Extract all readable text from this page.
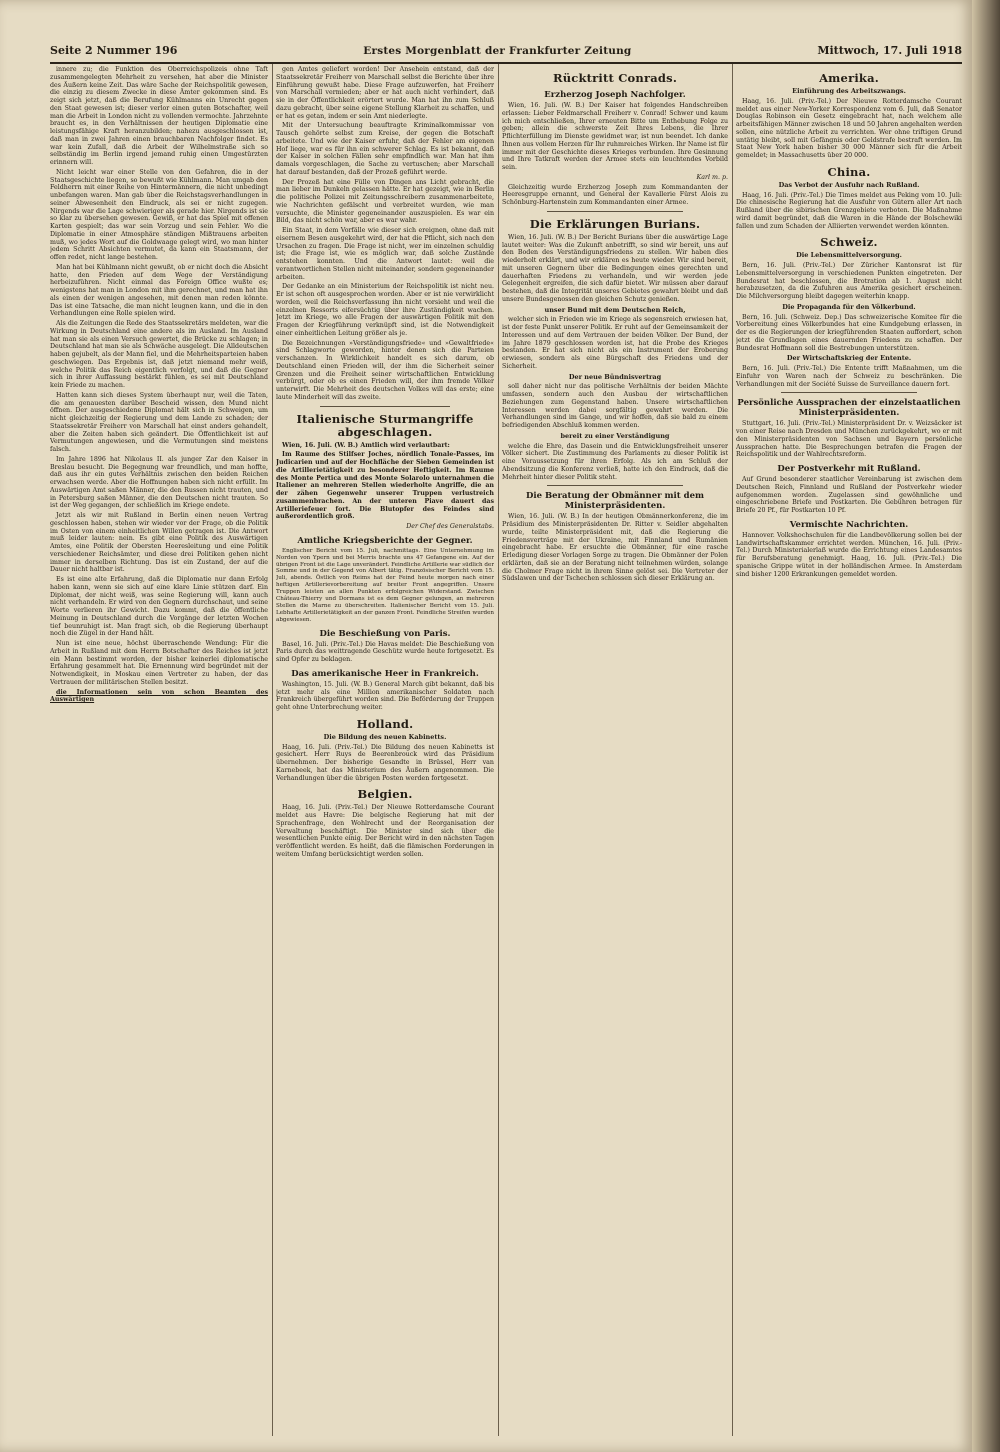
Seite 2 Nummer 196	Erstes Morgenblatt der Frankfurter Zeitung	Mittwoch, 17. Juli 1918

innere zu; die Funktion des Oberreichspolizeis ohne Taft zusammengelegten Mehrheit zu versehen, hat aber die Minister des Äußern keine Zeit. Das wäre Sache der Reichspolitik gewesen, die einzig zu diesem Zwecke in diese Ämter gekommen sind. Es zeigt sich jetzt, daß die Berufung Kühlmanns ein Unrecht gegen den Staat gewesen ist; dieser verlor einen guten Botschafter, weil man die Arbeit in London nicht zu vollenden vermochte. Jahrzehnte braucht es, in den Verhältnissen der heutigen Diplomatie eine leistungsfähige Kraft heranzubilden; nahezu ausgeschlossen ist, daß man in zwei Jahren einen brauchbaren Nachfolger findet. Es war kein Zufall, daß die Arbeit der Wilhelmstraße sich so selbständig im Berlin irgend jemand ruhig einen Umgestürzten erinnern will.

Nicht leicht war einer Stelle von den Gefahren, die in der Staatsgeschichte liegen, so bewußt wie Kühlmann. Man umgab den Feldherrn mit einer Reihe von Hintermännern, die nicht unbedingt unbefangen waren. Man gab über die Reichstagsverhandlungen in seiner Abwesenheit den Eindruck, als sei er nicht zugegen. Nirgends war die Lage schwieriger als gerade hier. Nirgends ist sie so klar zu übersehen gewesen. Gewiß, er hat das Spiel mit offenen Karten gespielt; das war sein Vorzug und sein Fehler. Wo die Diplomatie in einer Atmosphäre ständigen Mißtrauens arbeiten muß, wo jedes Wort auf die Goldwaage gelegt wird, wo man hinter jedem Schritt Absichten vermutet, da kann ein Staatsmann, der offen redet, nicht lange bestehen.

Man hat bei Kühlmann nicht gewußt, ob er nicht doch die Absicht hatte, den Frieden auf dem Wege der Verständigung herbeizuführen. Nicht einmal das Foreign Office wußte es; wenigstens hat man in London mit ihm gerechnet, und man hat ihn als einen der wenigen angesehen, mit denen man reden könnte. Das ist eine Tatsache, die man nicht leugnen kann, und die in den Verhandlungen eine Rolle spielen wird.

Als die Zeitungen die Rede des Staatssekretärs meldeten, war die Wirkung in Deutschland eine andere als im Ausland. Im Ausland hat man sie als einen Versuch gewertet, die Brücke zu schlagen; in Deutschland hat man sie als Schwäche ausgelegt. Die Alldeutschen haben gejubelt, als der Mann fiel, und die Mehrheitsparteien haben geschwiegen. Das Ergebnis ist, daß jetzt niemand mehr weiß, welche Politik das Reich eigentlich verfolgt, und daß die Gegner sich in ihrer Auffassung bestärkt fühlen, es sei mit Deutschland kein Friede zu machen.

Hatten kann sich dieses System überhaupt nur, weil die Taten, die am genauesten darüber Bescheid wissen, den Mund nicht öffnen. Der ausgeschiedene Diplomat hält sich in Schweigen, um nicht gleichzeitig der Regierung und dem Lande zu schaden; der Staatssekretär Freiherr von Marschall hat einst anders gehandelt, aber die Zeiten haben sich geändert. Die Öffentlichkeit ist auf Vermutungen angewiesen, und die Vermutungen sind meistens falsch.

Im Jahre 1896 hat Nikolaus II. als junger Zar den Kaiser in Breslau besucht. Die Begegnung war freundlich, und man hoffte, daß aus ihr ein gutes Verhältnis zwischen den beiden Reichen erwachsen werde. Aber die Hoffnungen haben sich nicht erfüllt. Im Auswärtigen Amt saßen Männer, die den Russen nicht trauten, und in Petersburg saßen Männer, die den Deutschen nicht trauten. So ist der Weg gegangen, der schließlich im Kriege endete.

Jetzt als wir mit Rußland in Berlin einen neuen Vertrag geschlossen haben, stehen wir wieder vor der Frage, ob die Politik im Osten von einem einheitlichen Willen getragen ist. Die Antwort muß leider lauten: nein. Es gibt eine Politik des Auswärtigen Amtes, eine Politik der Obersten Heeresleitung und eine Politik verschiedener Reichsämter, und diese drei Politiken gehen nicht immer in derselben Richtung. Das ist ein Zustand, der auf die Dauer nicht haltbar ist.

Es ist eine alte Erfahrung, daß die Diplomatie nur dann Erfolg haben kann, wenn sie sich auf eine klare Linie stützen darf. Ein Diplomat, der nicht weiß, was seine Regierung will, kann auch nicht verhandeln. Er wird von den Gegnern durchschaut, und seine Worte verlieren ihr Gewicht. Dazu kommt, daß die öffentliche Meinung in Deutschland durch die Vorgänge der letzten Wochen tief beunruhigt ist. Man fragt sich, ob die Regierung überhaupt noch die Zügel in der Hand hält.

Nun ist eine neue, höchst überraschende Wendung: Für die Arbeit in Rußland mit dem Herrn Botschafter des Reiches ist jetzt ein Mann bestimmt worden, der bisher keinerlei diplomatische Erfahrung gesammelt hat. Die Ernennung wird begründet mit der Notwendigkeit, in Moskau einen Vertreter zu haben, der das Vertrauen der militärischen Stellen besitzt.

die Informationen sein von schon Beamten des Auswärtigen

gen Amtes geliefert worden! Der Ansehein entstand, daß der Staatssekretär Freiherr von Marschall selbst die Berichte über ihre Einführung gewußt habe. Diese Frage aufzuwerfen, hat Freiherr von Marschall vermieden; aber er hat auch nicht verhindert, daß sie in der Öffentlichkeit erörtert wurde. Man hat ihn zum Schluß dazu gebracht, über seine eigene Stellung Klarheit zu schaffen, und er hat es getan, indem er sein Amt niederlegte.

Mit der Untersuchung beauftragte Kriminalkommissar von Tausch gehörte selbst zum Kreise, der gegen die Botschaft arbeitete. Und wie der Kaiser erfuhr, daß der Fehler am eigenen Hof liege, war es für ihn ein schwerer Schlag. Es ist bekannt, daß der Kaiser in solchen Fällen sehr empfindlich war. Man hat ihm damals vorgeschlagen, die Sache zu vertuschen; aber Marschall hat darauf bestanden, daß der Prozeß geführt werde.

Der Prozeß hat eine Fülle von Dingen ans Licht gebracht, die man lieber im Dunkeln gelassen hätte. Er hat gezeigt, wie in Berlin die politische Polizei mit Zeitungsschreibern zusammenarbeitete, wie Nachrichten gefälscht und verbreitet wurden, wie man versuchte, die Minister gegeneinander auszuspielen. Es war ein Bild, das nicht schön war, aber es war wahr.

Ein Staat, in dem Vorfälle wie dieser sich ereignen, ohne daß mit eisernem Besen ausgekehrt wird, der hat die Pflicht, sich nach den Ursachen zu fragen. Die Frage ist nicht, wer im einzelnen schuldig ist; die Frage ist, wie es möglich war, daß solche Zustände entstehen konnten. Und die Antwort lautet: weil die verantwortlichen Stellen nicht miteinander, sondern gegeneinander arbeiten.

Der Gedanke an ein Ministerium der Reichspolitik ist nicht neu. Er ist schon oft ausgesprochen worden. Aber er ist nie verwirklicht worden, weil die Reichsverfassung ihn nicht vorsieht und weil die einzelnen Ressorts eifersüchtig über ihre Zuständigkeit wachen. Jetzt im Kriege, wo alle Fragen der auswärtigen Politik mit den Fragen der Kriegführung verknüpft sind, ist die Notwendigkeit einer einheitlichen Leitung größer als je.

Die Bezeichnungen »Verständigungsfriede« und »Gewaltfriede« sind Schlagworte geworden, hinter denen sich die Parteien verschanzen. In Wirklichkeit handelt es sich darum, ob Deutschland einen Frieden will, der ihm die Sicherheit seiner Grenzen und die Freiheit seiner wirtschaftlichen Entwicklung verbürgt, oder ob es einen Frieden will, der ihm fremde Völker unterwirft. Die Mehrheit des deutschen Volkes will das erste; eine laute Minderheit will das zweite.

Italienische Sturmangriffe abgeschlagen.

Wien, 16. Juli. (W. B.) Amtlich wird verlautbart:

Im Raume des Stilfser Joches, nördlich Tonale-Passes, im Judicarien und auf der Hochfläche der Sieben Gemeinden ist die Artillerietätigkeit zu besonderer Heftigkeit. Im Raume des Monte Pertica und des Monte Solarolo unternahmen die Italiener an mehreren Stellen wiederholte Angriffe, die an der zähen Gegenwehr unserer Truppen verlustreich zusammenbrachen. An der unteren Piave dauert das Artilleriefeuer fort. Die Blutopfer des Feindes sind außerordentlich groß.

Der Chef des Generalstabs.

Amtliche Kriegsberichte der Gegner.

Englischer Bericht vom 15. Juli, nachmittags. Eine Unternehmung im Norden von Ypern und bei Merris brachte uns 47 Gefangene ein. Auf der übrigen Front ist die Lage unverändert. Feindliche Artillerie war südlich der Somme und in der Gegend von Albert tätig. Französischer Bericht vom 15. Juli, abends. Östlich von Reims hat der Feind heute morgen nach einer heftigen Artillerievorbereitung auf breiter Front angegriffen. Unsere Truppen leisten an allen Punkten erfolgreichen Widerstand. Zwischen Château-Thierry und Dormans ist es dem Gegner gelungen, an mehreren Stellen die Marne zu überschreiten. Italienischer Bericht vom 15. Juli. Lebhafte Artillerietätigkeit an der ganzen Front. Feindliche Streifen wurden abgewiesen.

Die Beschießung von Paris.

Basel, 16. Juli. (Priv.-Tel.) Die Havas meldet: Die Beschießung von Paris durch das weittragende Geschütz wurde heute fortgesetzt. Es sind Opfer zu beklagen.

Das amerikanische Heer in Frankreich.

Washington, 15. Juli. (W. B.) General March gibt bekannt, daß bis jetzt mehr als eine Million amerikanischer Soldaten nach Frankreich übergeführt worden sind. Die Beförderung der Truppen geht ohne Unterbrechung weiter.

Holland.
Die Bildung des neuen Kabinetts.

Haag, 16. Juli. (Priv.-Tel.) Die Bildung des neuen Kabinetts ist gesichert. Herr Ruys de Beerenbrouck wird das Präsidium übernehmen. Der bisherige Gesandte in Brüssel, Herr van Karnebeek, hat das Ministerium des Äußern angenommen. Die Verhandlungen über die übrigen Posten werden fortgesetzt.

Belgien.

Haag, 16. Juli. (Priv.-Tel.) Der Nieuwe Rotterdamsche Courant meldet aus Havre: Die belgische Regierung hat mit der Sprachenfrage, den Wohlrecht und der Reorganisation der Verwaltung beschäftigt. Die Minister sind sich über die wesentlichen Punkte einig. Der Bericht wird in den nächsten Tagen veröffentlicht werden. Es heißt, daß die flämischen Forderungen in weitem Umfang berücksichtigt werden sollen.

Rücktritt Conrads.
Erzherzog Joseph Nachfolger.

Wien, 16. Juli. (W. B.) Der Kaiser hat folgendes Handschreiben erlassen: Lieber Feldmarschall Freiherr v. Conrad! Schwer und kaum ich mich entschließen, Ihrer erneuten Bitte um Enthebung Folge zu geben; allein die schwerste Zeit Ihres Lebens, die Ihrer Pflichterfüllung im Dienste gewidmet war, ist nun beendet. Ich danke Ihnen aus vollem Herzen für Ihr ruhmreiches Wirken. Ihr Name ist für immer mit der Geschichte dieses Krieges verbunden. Ihre Gesinnung und Ihre Tatkraft werden der Armee stets ein leuchtendes Vorbild sein.

Karl m. p.

Gleichzeitig wurde Erzherzog Joseph zum Kommandanten der Heeresgruppe ernannt, und General der Kavallerie Fürst Alois zu Schönburg-Hartenstein zum Kommandanten einer Armee.

Die Erklärungen Burians.

Wien, 16. Juli. (W. B.) Der Bericht Burians über die auswärtige Lage lautet weiter: Was die Zukunft anbetrifft, so sind wir bereit, uns auf den Boden des Verständigungsfriedens zu stellen. Wir haben dies wiederholt erklärt, und wir erklären es heute wieder. Wir sind bereit, mit unseren Gegnern über die Bedingungen eines gerechten und dauerhaften Friedens zu verhandeln, und wir werden jede Gelegenheit ergreifen, die sich dafür bietet. Wir müssen aber darauf bestehen, daß die Integrität unseres Gebietes gewahrt bleibt und daß unsere Bundesgenossen den gleichen Schutz genießen.

unser Bund mit dem Deutschen Reich,

welcher sich in Frieden wie im Kriege als segensreich erwiesen hat, ist der feste Punkt unserer Politik. Er ruht auf der Gemeinsamkeit der Interessen und auf dem Vertrauen der beiden Völker. Der Bund, der im Jahre 1879 geschlossen worden ist, hat die Probe des Krieges bestanden. Er hat sich nicht als ein Instrument der Eroberung erwiesen, sondern als eine Bürgschaft des Friedens und der Sicherheit.

Der neue Bündnisvertrag

soll daher nicht nur das politische Verhältnis der beiden Mächte umfassen, sondern auch den Ausbau der wirtschaftlichen Beziehungen zum Gegenstand haben. Unsere wirtschaftlichen Interessen werden dabei sorgfältig gewahrt werden. Die Verhandlungen sind im Gange, und wir hoffen, daß sie bald zu einem befriedigenden Abschluß kommen werden.

bereit zu einer Verständigung

welche die Ehre, das Dasein und die Entwicklungsfreiheit unserer Völker sichert. Die Zustimmung des Parlaments zu dieser Politik ist eine Voraussetzung für ihren Erfolg. Als ich am Schluß der Abendsitzung die Konferenz verließ, hatte ich den Eindruck, daß die Mehrheit hinter dieser Politik steht.

Die Beratung der Obmänner mit dem Ministerpräsidenten.

Wien, 16. Juli. (W. B.) In der heutigen Obmännerkonferenz, die im Präsidium des Ministerpräsidenten Dr. Ritter v. Seidler abgehalten wurde, teilte Ministerpräsident mit, daß die Regierung die Friedensverträge mit der Ukraine, mit Finnland und Rumänien eingebracht habe. Er ersuchte die Obmänner, für eine rasche Erledigung dieser Vorlagen Sorge zu tragen. Die Obmänner der Polen erklärten, daß sie an der Beratung nicht teilnehmen würden, solange die Cholmer Frage nicht in ihrem Sinne gelöst sei. Die Vertreter der Südslawen und der Tschechen schlossen sich dieser Erklärung an.

Amerika.
Einführung des Arbeitszwangs.

Haag, 16. Juli. (Priv.-Tel.) Der Nieuwe Rotterdamsche Courant meldet aus einer New-Yorker Korrespondenz vom 6. Juli, daß Senator Douglas Robinson ein Gesetz eingebracht hat, nach welchem alle arbeitsfähigen Männer zwischen 18 und 50 Jahren angehalten werden sollen, eine nützliche Arbeit zu verrichten. Wer ohne triftigen Grund untätig bleibt, soll mit Gefängnis oder Geldstrafe bestraft werden. Im Staat New York haben bisher 30 000 Männer sich für die Arbeit gemeldet; in Massachusetts über 20 000.

China.
Das Verbot der Ausfuhr nach Rußland.

Haag, 16. Juli. (Priv.-Tel.) Die Times meldet aus Peking vom 10. Juli: Die chinesische Regierung hat die Ausfuhr von Gütern aller Art nach Rußland über die sibirischen Grenzgebiete verboten. Die Maßnahme wird damit begründet, daß die Waren in die Hände der Bolschewiki fallen und zum Schaden der Alliierten verwendet werden könnten.

Schweiz.
Die Lebensmittelversorgung.

Bern, 16. Juli. (Priv.-Tel.) Der Züricher Kantonsrat ist für Lebensmittelversorgung in verschiedenen Punkten eingetreten. Der Bundesrat hat beschlossen, die Brotration ab 1. August nicht herabzusetzen, da die Zufuhren aus Amerika gesichert erscheinen. Die Milchversorgung bleibt dagegen weiterhin knapp.

Die Propaganda für den Völkerbund.

Bern, 16. Juli. (Schweiz. Dep.) Das schweizerische Komitee für die Vorbereitung eines Völkerbundes hat eine Kundgebung erlassen, in der es die Regierungen der kriegführenden Staaten auffordert, schon jetzt die Grundlagen eines dauernden Friedens zu schaffen. Der Bundesrat Hoffmann soll die Bestrebungen unterstützen.

Der Wirtschaftskrieg der Entente.

Bern, 16. Juli. (Priv.-Tel.) Die Entente trifft Maßnahmen, um die Einfuhr von Waren nach der Schweiz zu beschränken. Die Verhandlungen mit der Société Suisse de Surveillance dauern fort.

Persönliche Aussprachen der einzelstaatlichen Ministerpräsidenten.

Stuttgart, 16. Juli. (Priv.-Tel.) Ministerpräsident Dr. v. Weizsäcker ist von einer Reise nach Dresden und München zurückgekehrt, wo er mit den Ministerpräsidenten von Sachsen und Bayern persönliche Aussprachen hatte. Die Besprechungen betrafen die Fragen der Reichspolitik und der Wahlrechtsreform.

Der Postverkehr mit Rußland.

Auf Grund besonderer staatlicher Vereinbarung ist zwischen dem Deutschen Reich, Finnland und Rußland der Postverkehr wieder aufgenommen worden. Zugelassen sind gewöhnliche und eingeschriebene Briefe und Postkarten. Die Gebühren betragen für Briefe 20 Pf., für Postkarten 10 Pf.

Vermischte Nachrichten.

Hannover. Volkshochschulen für die Landbevölkerung sollen bei der Landwirtschaftskammer errichtet werden. München, 16. Juli. (Priv.-Tel.) Durch Ministerialerlaß wurde die Errichtung eines Landesamtes für Berufsberatung genehmigt. Haag, 16. Juli. (Priv.-Tel.) Die spanische Grippe wütet in der holländischen Armee. In Amsterdam sind bisher 1200 Erkrankungen gemeldet worden.
